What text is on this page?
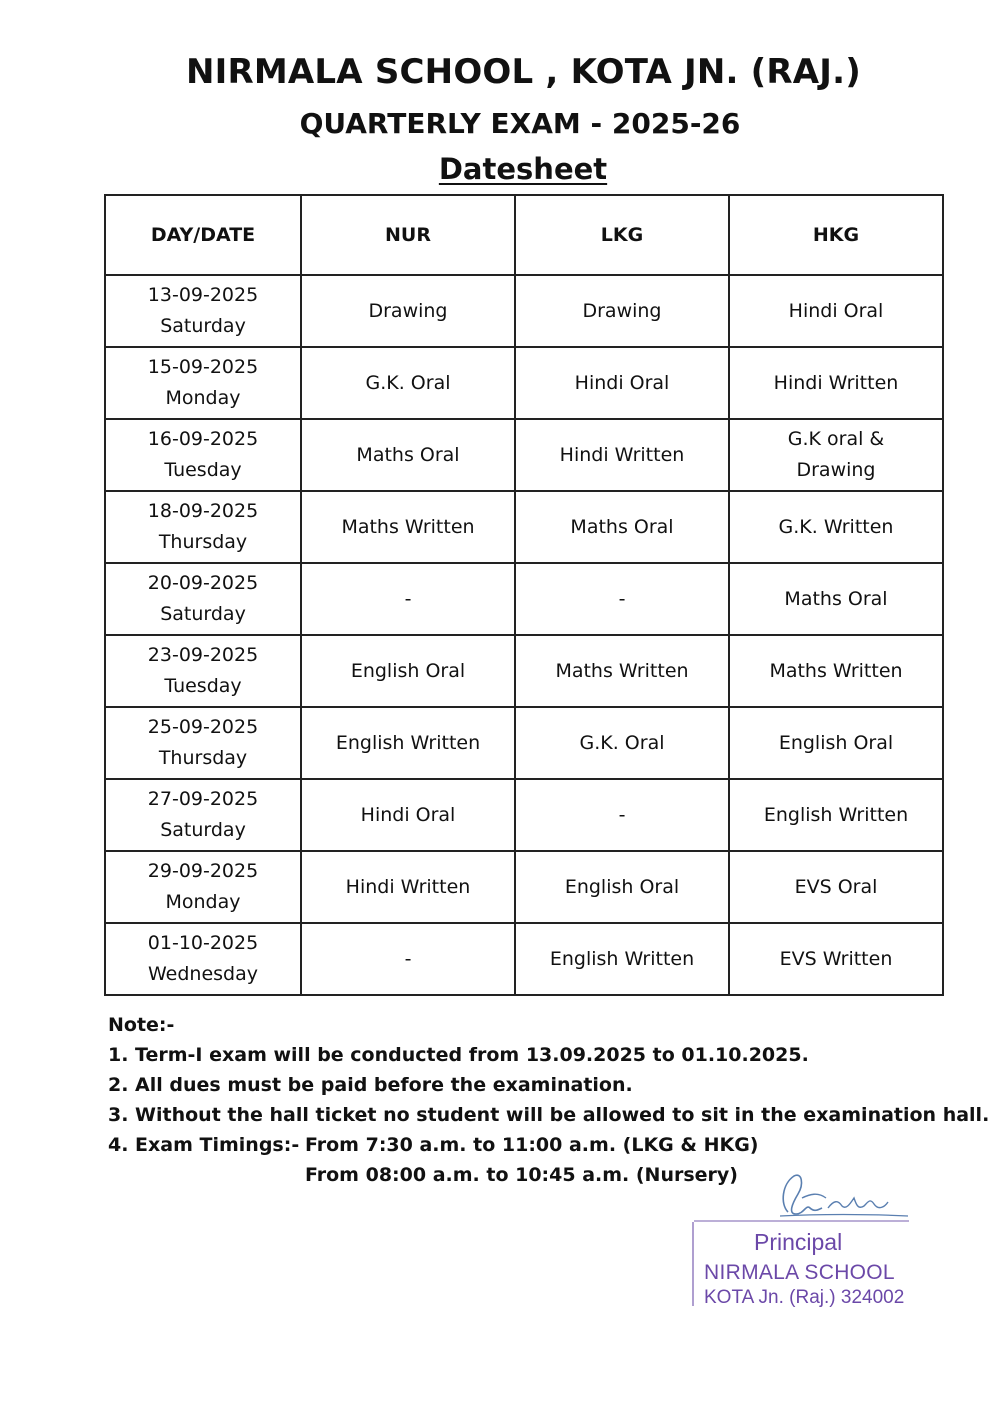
NIRMALA SCHOOL , KOTA JN. (RAJ.)
QUARTERLY EXAM - 2025-26
Datesheet
DAY/DATE	NUR	LKG	HKG

13-09-2025
Saturday	Drawing	Drawing	Hindi Oral

15-09-2025
Monday	G.K. Oral	Hindi Oral	Hindi Written

16-09-2025
Tuesday	Maths Oral	Hindi Written	G.K oral & Drawing

18-09-2025
Thursday	Maths Written	Maths Oral	G.K. Written

20-09-2025
Saturday	-	-	Maths Oral

23-09-2025
Tuesday	English Oral	Maths Written	Maths Written

25-09-2025
Thursday	English Written	G.K. Oral	English Oral

27-09-2025
Saturday	Hindi Oral	-	English Written

29-09-2025
Monday	Hindi Written	English Oral	EVS Oral

01-10-2025
Wednesday	-	English Written	EVS Written
Note:-
1. Term-I exam will be conducted from 13.09.2025 to 01.10.2025.
2. All dues must be paid before the examination.
3. Without the hall ticket no student will be allowed to sit in the examination hall.
4. Exam Timings:- From 7:30 a.m. to 11:00 a.m. (LKG & HKG)
From 08:00 a.m. to 10:45 a.m. (Nursery)
Principal
NIRMALA SCHOOL
KOTA Jn. (Raj.) 324002
